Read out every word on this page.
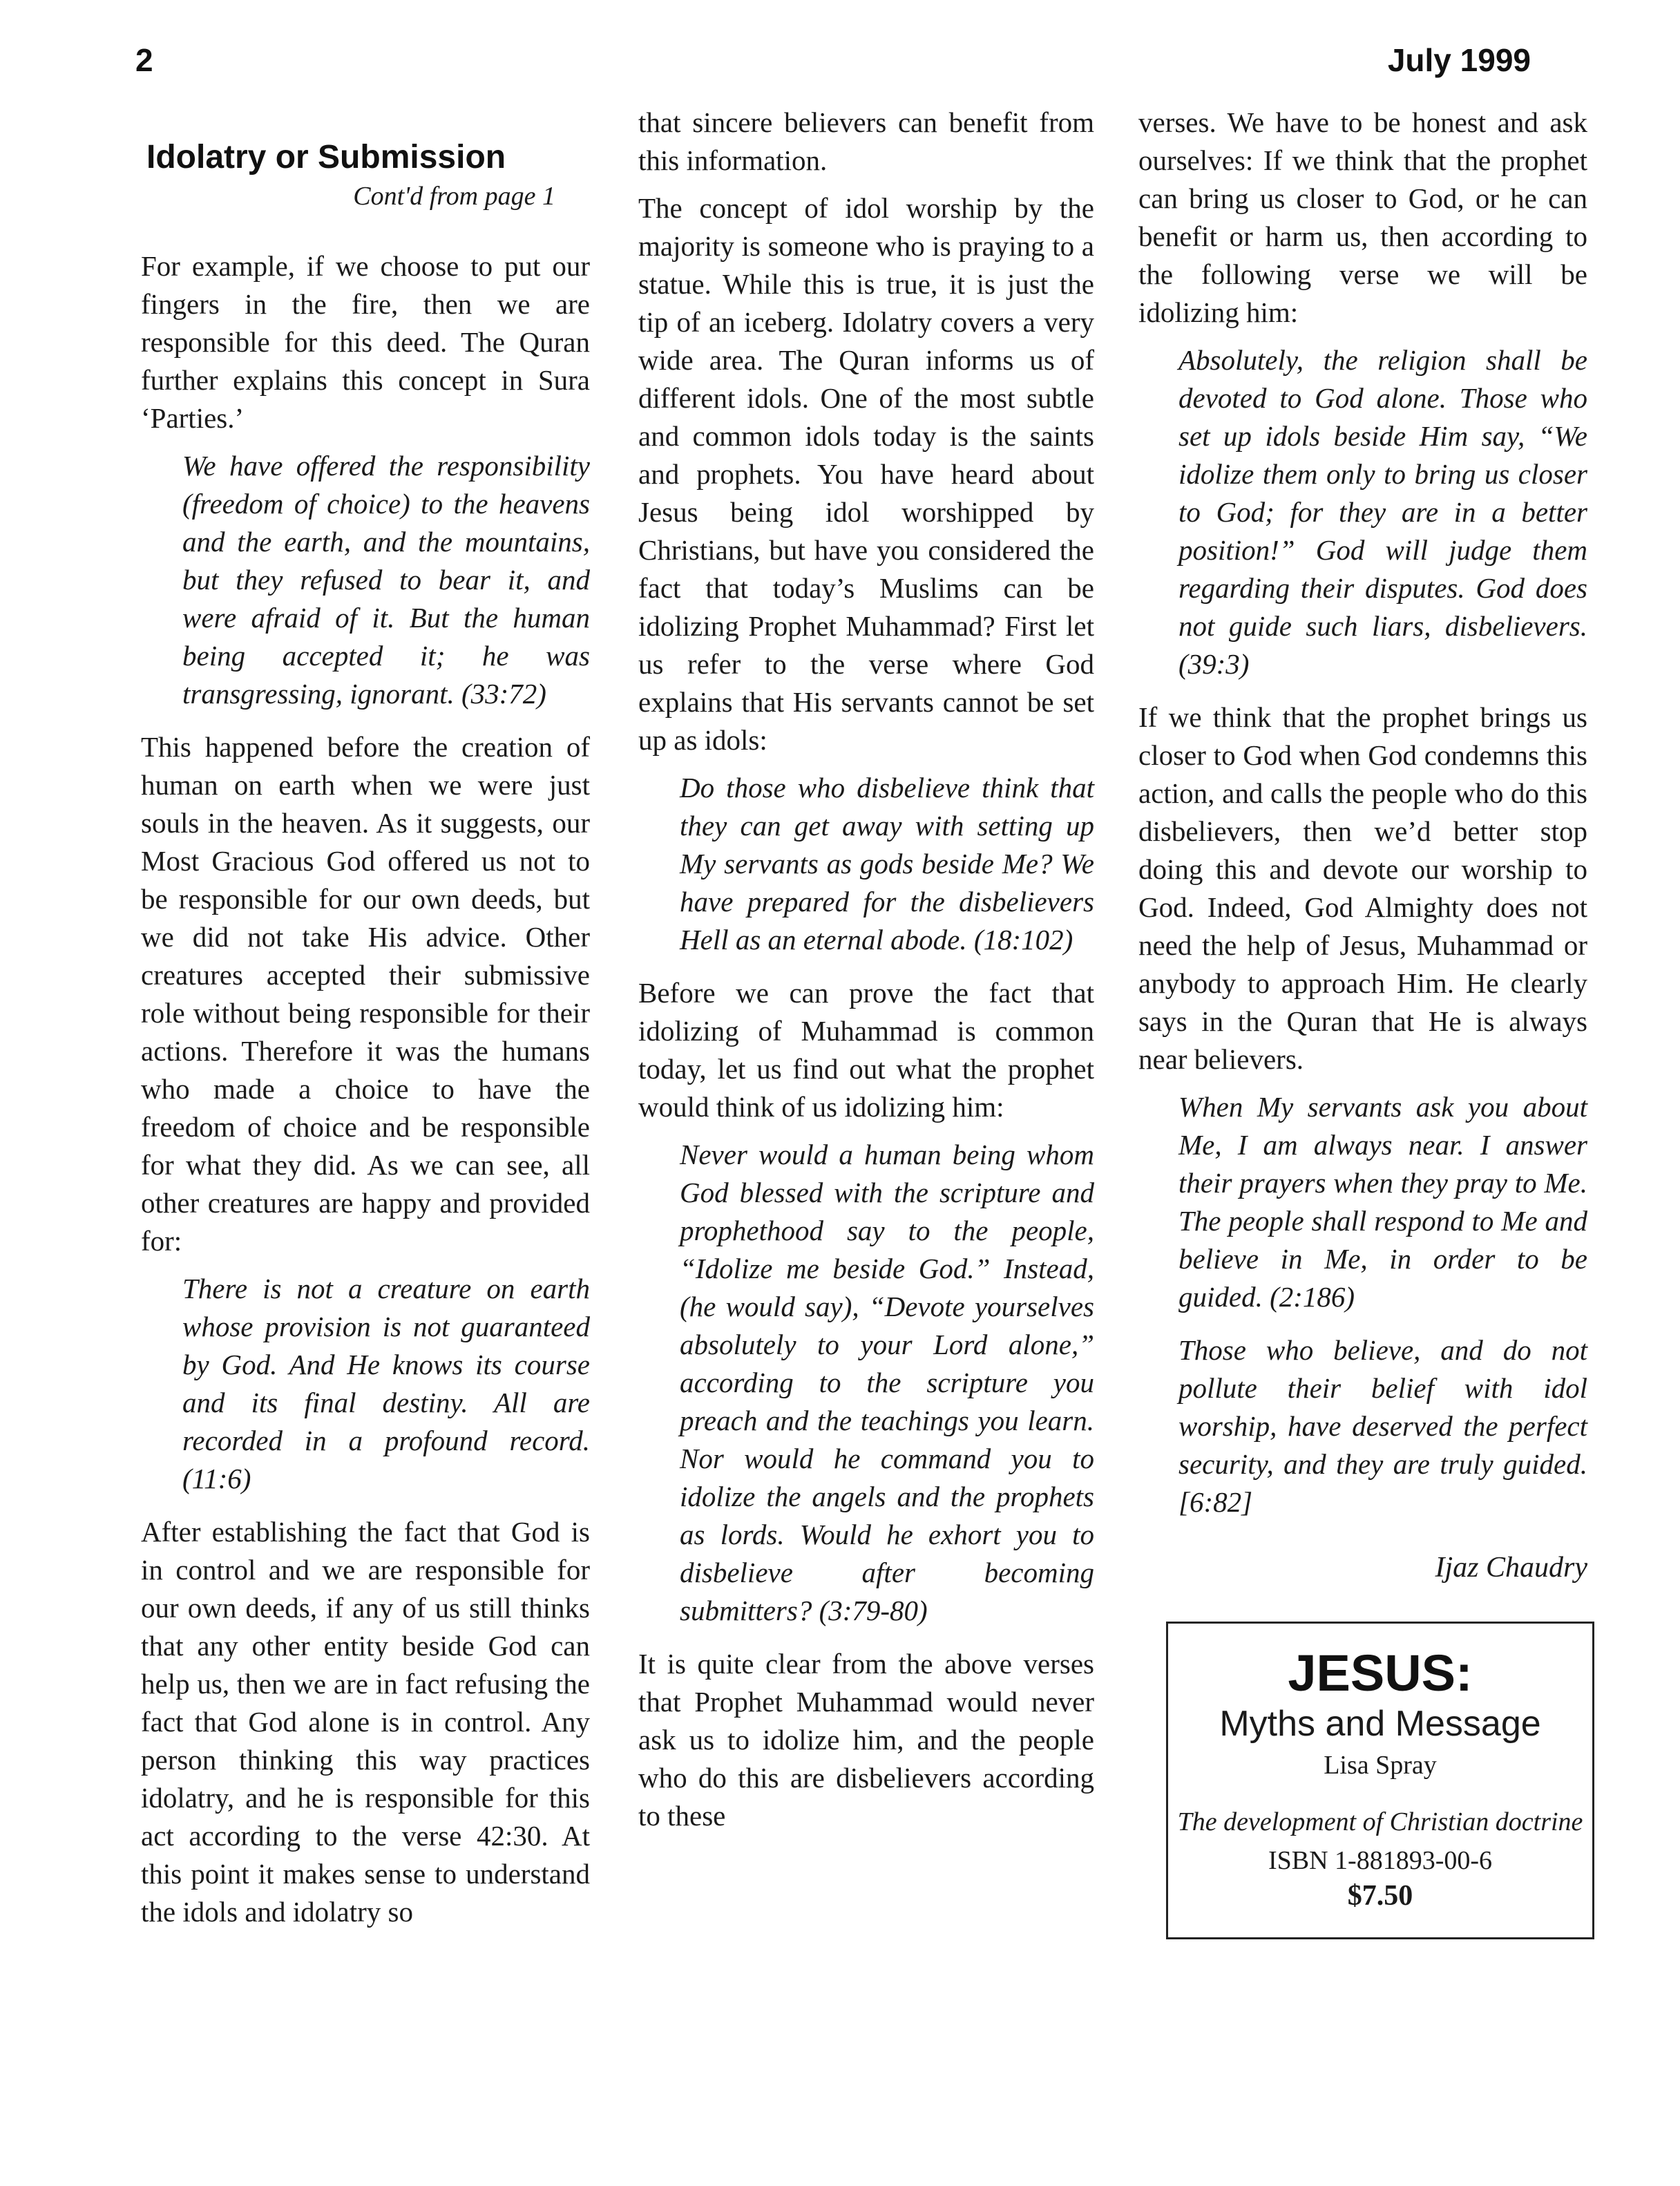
2	July 1999
Idolatry or Submission
Cont'd from page 1

For example, if we choose to put our fingers in the fire, then we are responsible for this deed. The Quran further explains this concept in Sura ‘Parties.’

We have offered the responsibility (freedom of choice) to the heavens and the earth, and the mountains, but they refused to bear it, and were afraid of it. But the human being accepted it; he was transgressing, ignorant. (33:72)

This happened before the creation of human on earth when we were just souls in the heaven. As it suggests, our Most Gracious God offered us not to be responsible for our own deeds, but we did not take His advice. Other creatures accepted their submissive role without being responsible for their actions. Therefore it was the humans who made a choice to have the freedom of choice and be responsible for what they did. As we can see, all other creatures are happy and provided for:

There is not a creature on earth whose provision is not guaranteed by God. And He knows its course and its final destiny. All are recorded in a profound record. (11:6)

After establishing the fact that God is in control and we are responsible for our own deeds, if any of us still thinks that any other entity beside God can help us, then we are in fact refusing the fact that God alone is in control. Any person thinking this way practices idolatry, and he is responsible for this act according to the verse 42:30. At this point it makes sense to understand the idols and idolatry so

that sincere believers can benefit from this information.

The concept of idol worship by the majority is someone who is praying to a statue. While this is true, it is just the tip of an iceberg. Idolatry covers a very wide area. The Quran informs us of different idols. One of the most subtle and common idols today is the saints and prophets. You have heard about Jesus being idol worshipped by Christians, but have you considered the fact that today’s Muslims can be idolizing Prophet Muhammad? First let us refer to the verse where God explains that His servants cannot be set up as idols:

Do those who disbelieve think that they can get away with setting up My servants as gods beside Me? We have prepared for the disbelievers Hell as an eternal abode. (18:102)

Before we can prove the fact that idolizing of Muhammad is common today, let us find out what the prophet would think of us idolizing him:

Never would a human being whom God blessed with the scripture and prophethood say to the people, “Idolize me beside God.” Instead, (he would say), “Devote yourselves absolutely to your Lord alone,” according to the scripture you preach and the teachings you learn. Nor would he command you to idolize the angels and the prophets as lords. Would he exhort you to disbelieve after becoming submitters? (3:79-80)

It is quite clear from the above verses that Prophet Muhammad would never ask us to idolize him, and the people who do this are disbelievers according to these

verses. We have to be honest and ask ourselves: If we think that the prophet can bring us closer to God, or he can benefit or harm us, then according to the following verse we will be idolizing him:

Absolutely, the religion shall be devoted to God alone. Those who set up idols beside Him say, “We idolize them only to bring us closer to God; for they are in a better position!” God will judge them regarding their disputes. God does not guide such liars, disbelievers. (39:3)

If we think that the prophet brings us closer to God when God condemns this action, and calls the people who do this disbelievers, then we’d better stop doing this and devote our worship to God. Indeed, God Almighty does not need the help of Jesus, Muhammad or anybody to approach Him. He clearly says in the Quran that He is always near believers.

When My servants ask you about Me, I am always near. I answer their prayers when they pray to Me. The people shall respond to Me and believe in Me, in order to be guided. (2:186)

Those who believe, and do not pollute their belief with idol worship, have deserved the perfect security, and they are truly guided. [6:82]

Ijaz Chaudry
JESUS:
Myths and Message
Lisa Spray
The development of Christian doctrine
ISBN 1-881893-00-6
$7.50
